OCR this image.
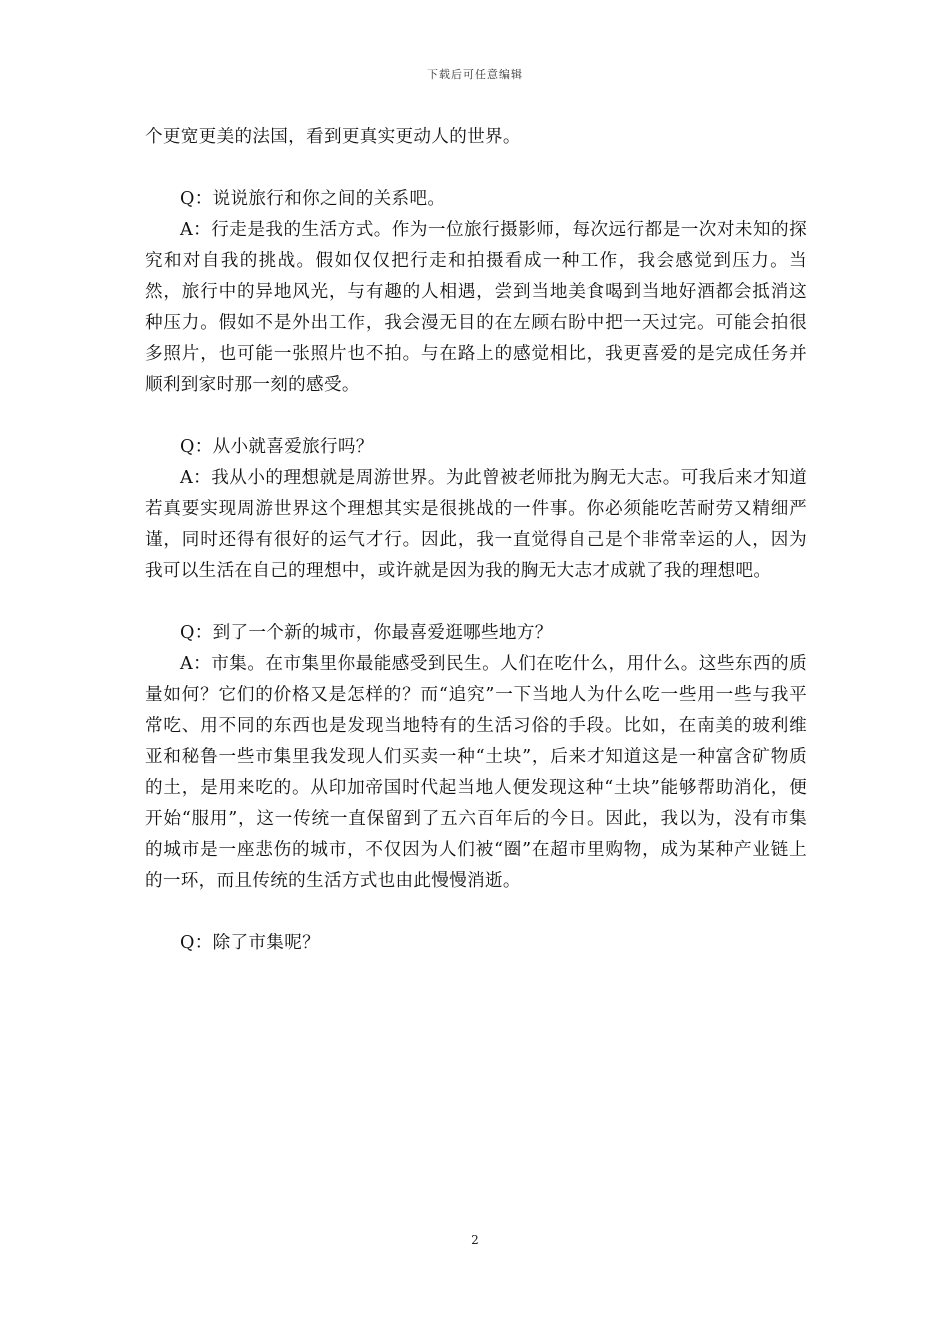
下载后可任意编辑

个更宽更美的法国，看到更真实更动人的世界。

Q：说说旅行和你之间的关系吧。

A：行走是我的生活方式。作为一位旅行摄影师，每次远行都是一次对未知的探究和对自我的挑战。假如仅仅把行走和拍摄看成一种工作，我会感觉到压力。当然，旅行中的异地风光，与有趣的人相遇，尝到当地美食喝到当地好酒都会抵消这种压力。假如不是外出工作，我会漫无目的在左顾右盼中把一天过完。可能会拍很多照片，也可能一张照片也不拍。与在路上的感觉相比，我更喜爱的是完成任务并顺利到家时那一刻的感受。

Q：从小就喜爱旅行吗？

A：我从小的理想就是周游世界。为此曾被老师批为胸无大志。可我后来才知道若真要实现周游世界这个理想其实是很挑战的一件事。你必须能吃苦耐劳又精细严谨，同时还得有很好的运气才行。因此，我一直觉得自己是个非常幸运的人，因为我可以生活在自己的理想中，或许就是因为我的胸无大志才成就了我的理想吧。

Q：到了一个新的城市，你最喜爱逛哪些地方？

A：市集。在市集里你最能感受到民生。人们在吃什么，用什么。这些东西的质量如何？它们的价格又是怎样的？而“追究”一下当地人为什么吃一些用一些与我平常吃、用不同的东西也是发现当地特有的生活习俗的手段。比如，在南美的玻利维亚和秘鲁一些市集里我发现人们买卖一种“土块”，后来才知道这是一种富含矿物质的土，是用来吃的。从印加帝国时代起当地人便发现这种“土块”能够帮助消化，便开始“服用”，这一传统一直保留到了五六百年后的今日。因此，我以为，没有市集的城市是一座悲伤的城市，不仅因为人们被“圈”在超市里购物，成为某种产业链上的一环，而且传统的生活方式也由此慢慢消逝。

Q：除了市集呢？

2
